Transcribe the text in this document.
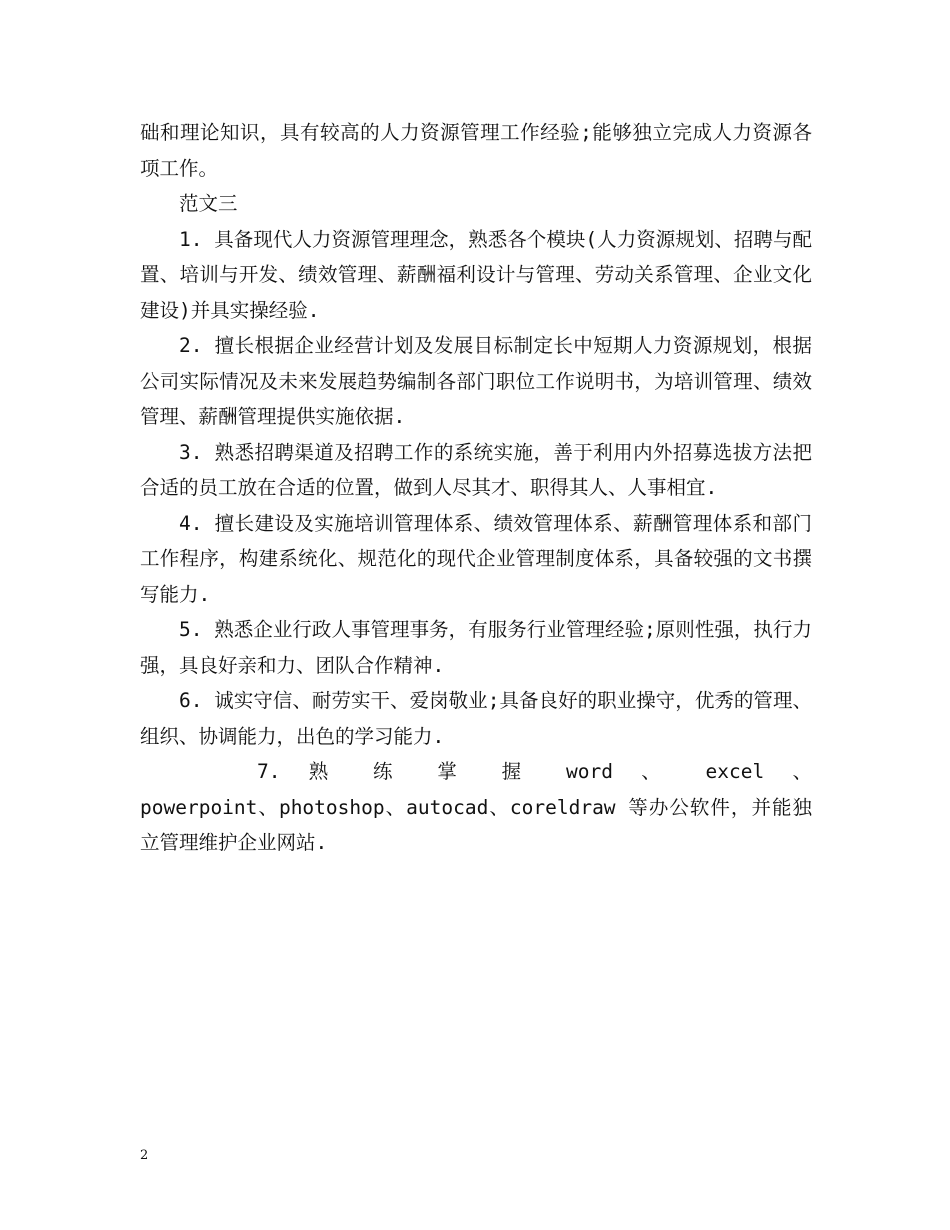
础和理论知识，具有较高的人力资源管理工作经验;能够独立完成人力资源各项工作。

范文三

1. 具备现代人力资源管理理念，熟悉各个模块(人力资源规划、招聘与配置、培训与开发、绩效管理、薪酬福利设计与管理、劳动关系管理、企业文化建设)并具实操经验.

2. 擅长根据企业经营计划及发展目标制定长中短期人力资源规划，根据公司实际情况及未来发展趋势编制各部门职位工作说明书，为培训管理、绩效管理、薪酬管理提供实施依据.

3. 熟悉招聘渠道及招聘工作的系统实施，善于利用内外招募选拔方法把合适的员工放在合适的位置，做到人尽其才、职得其人、人事相宜.

4. 擅长建设及实施培训管理体系、绩效管理体系、薪酬管理体系和部门工作程序，构建系统化、规范化的现代企业管理制度体系，具备较强的文书撰写能力.

5. 熟悉企业行政人事管理事务，有服务行业管理经验;原则性强，执行力强，具良好亲和力、团队合作精神.

6. 诚实守信、耐劳实干、爱岗敬业;具备良好的职业操守，优秀的管理、组织、协调能力，出色的学习能力.

7. 熟 练 掌 握 word 、 excel 、

powerpoint、photoshop、autocad、coreldraw 等办公软件，并能独立管理维护企业网站.

2
